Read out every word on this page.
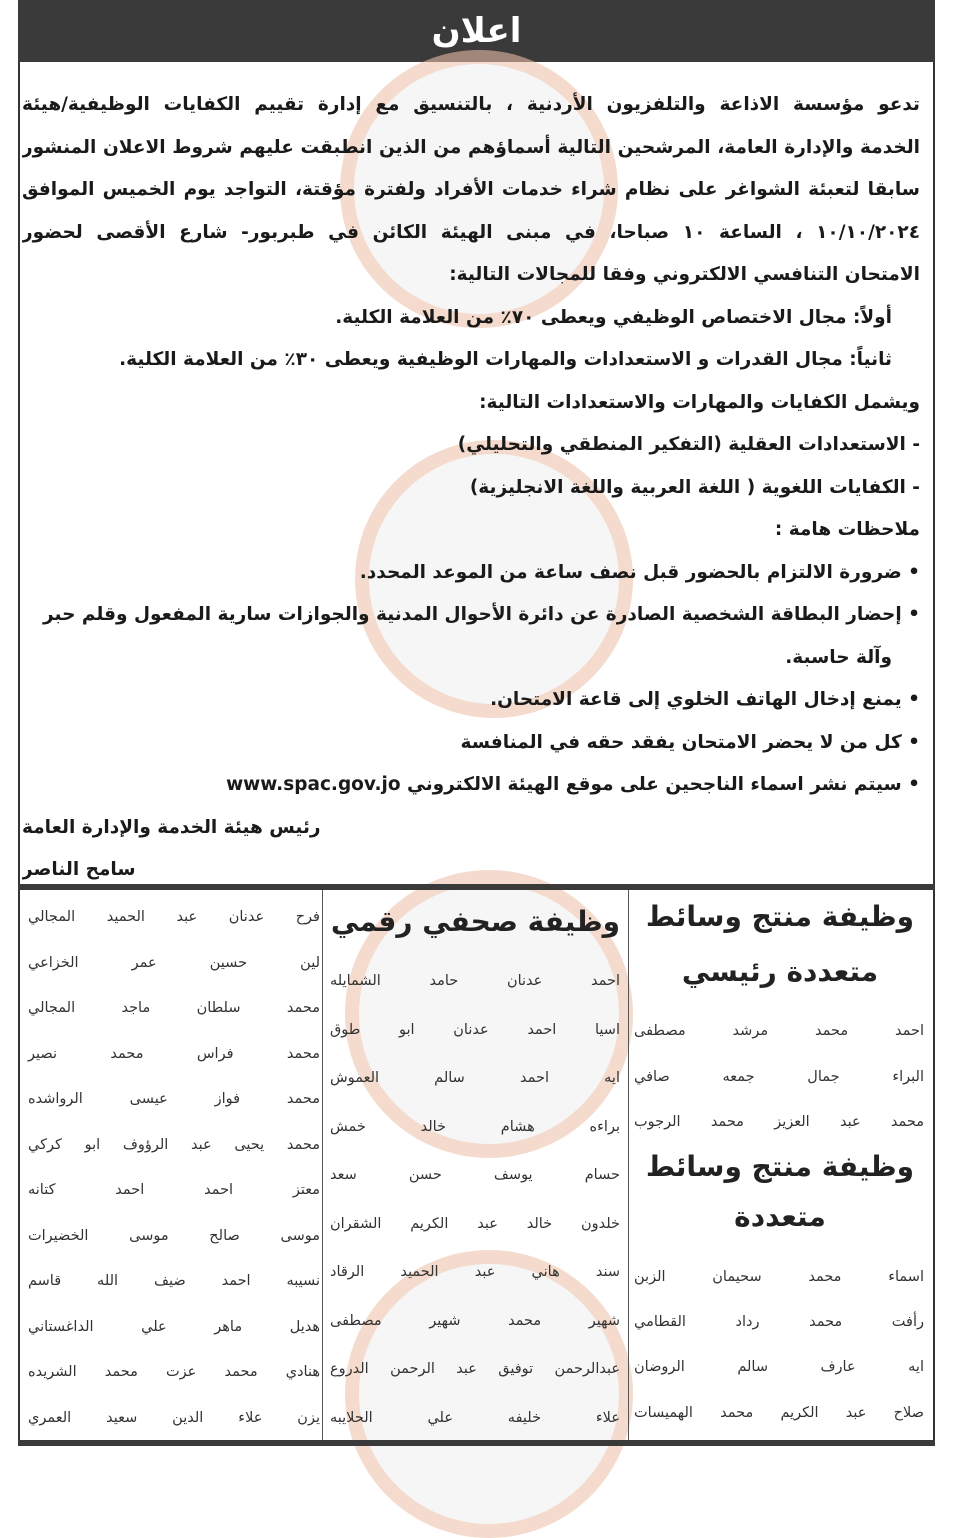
اعلان
تدعو مؤسسة الاذاعة والتلفزيون الأردنية ، بالتنسيق مع إدارة تقييم الكفايات الوظيفية/هيئة
الخدمة والإدارة العامة، المرشحين التالية أسماؤهم من الذين انطبقت عليهم شروط الاعلان المنشور
سابقا لتعبئة الشواغر على نظام شراء خدمات الأفراد ولفترة مؤقتة، التواجد يوم الخميس الموافق
١٠/١٠/٢٠٢٤ ، الساعة ١٠ صباحا، في مبنى الهيئة الكائن في طبربور- شارع الأقصى لحضور
الامتحان التنافسي الالكتروني وفقا للمجالات التالية:
أولاً: مجال الاختصاص الوظيفي ويعطى ٧٠٪ من العلامة الكلية.
ثانياً: مجال القدرات و الاستعدادات والمهارات الوظيفية ويعطى ٣٠٪ من العلامة الكلية.
ويشمل الكفايات والمهارات والاستعدادات التالية:
- الاستعدادات العقلية (التفكير المنطقي والتحليلي)
- الكفايات اللغوية ( اللغة العربية واللغة الانجليزية)
ملاحظات هامة :
• ضرورة الالتزام بالحضور قبل نصف ساعة من الموعد المحدد.
• إحضار البطاقة الشخصية الصادرة عن دائرة الأحوال المدنية والجوازات سارية المفعول وقلم حبر
وآلة حاسبة.
• يمنع إدخال الهاتف الخلوي إلى قاعة الامتحان.
• كل من لا يحضر الامتحان يفقد حقه في المنافسة
• سيتم نشر اسماء الناجحين على موقع الهيئة الالكتروني www.spac.gov.jo
رئيس هيئة الخدمة والإدارة العامة
سامح الناصر
وظيفة منتج وسائط
متعددة رئيسي
احمد محمد مرشد مصطفى
البراء جمال جمعه صافي
محمد عبد العزيز محمد الرجوب
وظيفة منتج وسائط
متعددة
اسماء محمد سحيمان الزبن
رأفت محمد رداد القطامي
ايه عارف سالم الروضان
صلاح عبد الكريم محمد الهميسات
وظيفة صحفي رقمي
احمد عدنان حامد الشمايله
اسيا احمد عدنان ابو طوق
ايه احمد سالم العموش
براءه هشام خالد خمش
حسام يوسف حسن سعد
خلدون خالد عبد الكريم الشقران
سند هاني عبد الحميد الرقاد
شهير محمد شهير مصطفى
عبدالرحمن توفيق عبد الرحمن الدروع
علاء خليفه علي الحلايبه
فرح عدنان عبد الحميد المجالي
لين حسين عمر الخزاعي
محمد سلطان ماجد المجالي
محمد فراس محمد نصير
محمد فواز عيسى الرواشده
محمد يحيى عبد الرؤوف ابو كركي
معتز احمد احمد كتانه
موسى صالح موسى الخضيرات
نسيبه احمد ضيف الله قاسم
هديل ماهر علي الداغستاني
هنادي محمد عزت محمد الشريده
يزن علاء الدين سعيد العمري
